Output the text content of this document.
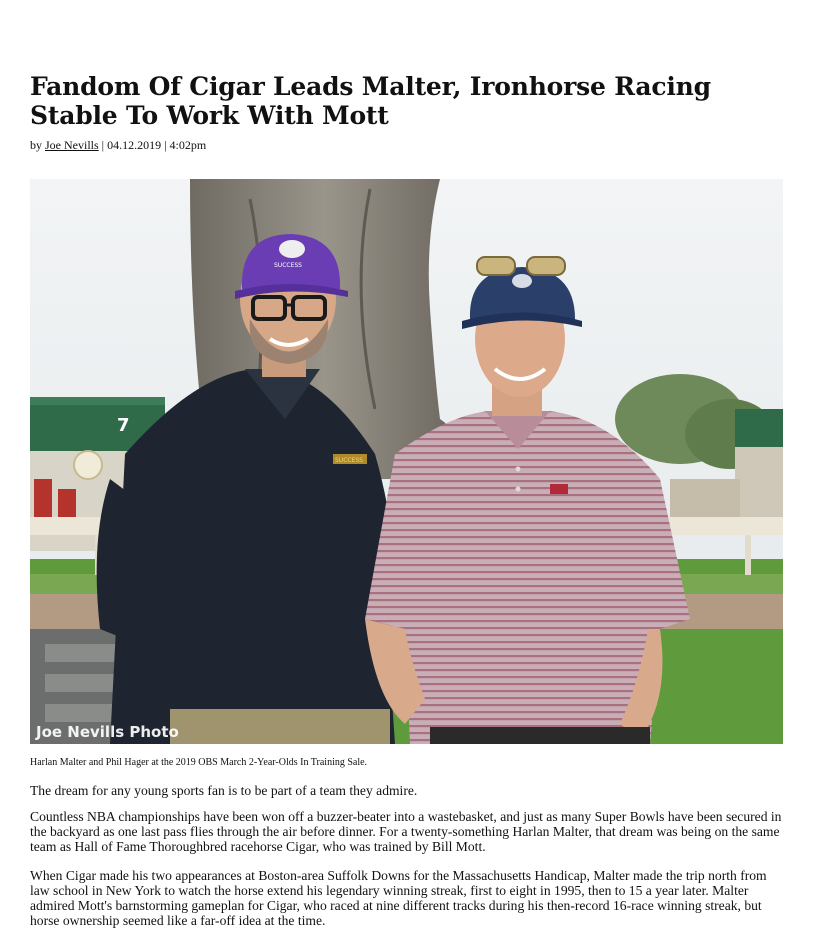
Fandom Of Cigar Leads Malter, Ironhorse Racing Stable To Work With Mott
by Joe Nevills | 04.12.2019 | 4:02pm
7
SUCCESS
SUCCESS
Joe Nevills Photo
Harlan Malter and Phil Hager at the 2019 OBS March 2-Year-Olds In Training Sale.

The dream for any young sports fan is to be part of a team they admire.

Countless NBA championships have been won off a buzzer-beater into a wastebasket, and just as many Super Bowls have been secured in the backyard as one last pass flies through the air before dinner. For a twenty-something Harlan Malter, that dream was being on the same team as Hall of Fame Thoroughbred racehorse Cigar, who was trained by Bill Mott.

When Cigar made his two appearances at Boston-area Suffolk Downs for the Massachusetts Handicap, Malter made the trip north from law school in New York to watch the horse extend his legendary winning streak, first to eight in 1995, then to 15 a year later. Malter admired Mott's barnstorming gameplan for Cigar, who raced at nine different tracks during his then-record 16-race winning streak, but horse ownership seemed like a far-off idea at the time.
